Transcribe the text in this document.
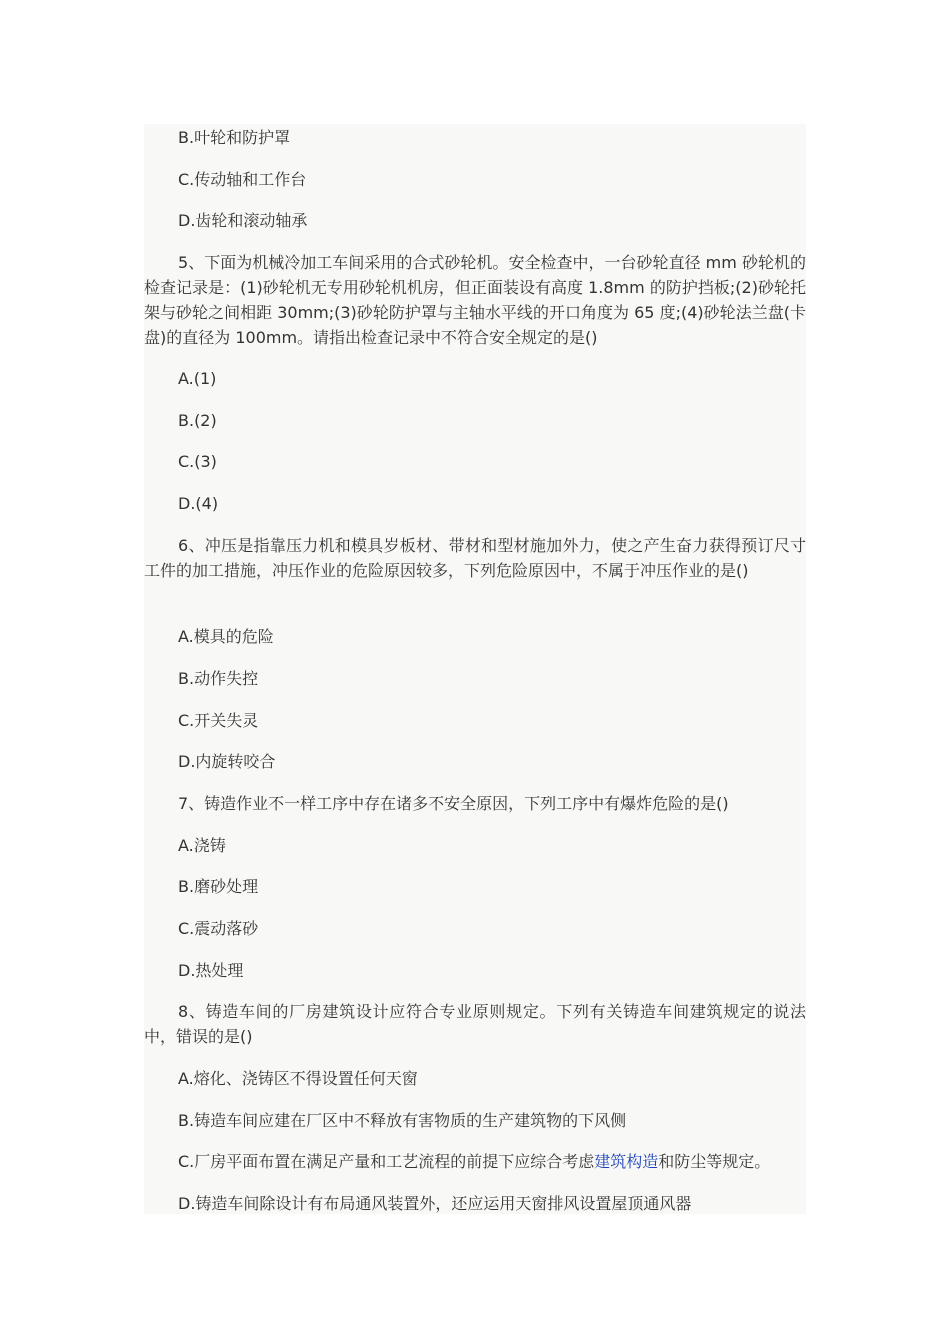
B.叶轮和防护罩

C.传动轴和工作台

D.齿轮和滚动轴承

5、下面为机械冷加工车间采用的合式砂轮机。安全检查中，一台砂轮直径 mm 砂轮机的检查记录是：(1)砂轮机无专用砂轮机机房，但正面装设有高度 1.8mm 的防护挡板;(2)砂轮托架与砂轮之间相距 30mm;(3)砂轮防护罩与主轴水平线的开口角度为 65 度;(4)砂轮法兰盘(卡盘)的直径为 100mm。请指出检查记录中不符合安全规定的是()

A.(1)

B.(2)

C.(3)

D.(4)

6、冲压是指靠压力机和模具岁板材、带材和型材施加外力，使之产生奋力获得预订尺寸工件的加工措施，冲压作业的危险原因较多，下列危险原因中，不属于冲压作业的是()

A.模具的危险

B.动作失控

C.开关失灵

D.内旋转咬合

7、铸造作业不一样工序中存在诸多不安全原因，下列工序中有爆炸危险的是()

A.浇铸

B.磨砂处理

C.震动落砂

D.热处理

8、铸造车间的厂房建筑设计应符合专业原则规定。下列有关铸造车间建筑规定的说法中，错误的是()

A.熔化、浇铸区不得设置任何天窗

B.铸造车间应建在厂区中不释放有害物质的生产建筑物的下风侧

C.厂房平面布置在满足产量和工艺流程的前提下应综合考虑建筑构造和防尘等规定。

D.铸造车间除设计有布局通风装置外，还应运用天窗排风设置屋顶通风器
